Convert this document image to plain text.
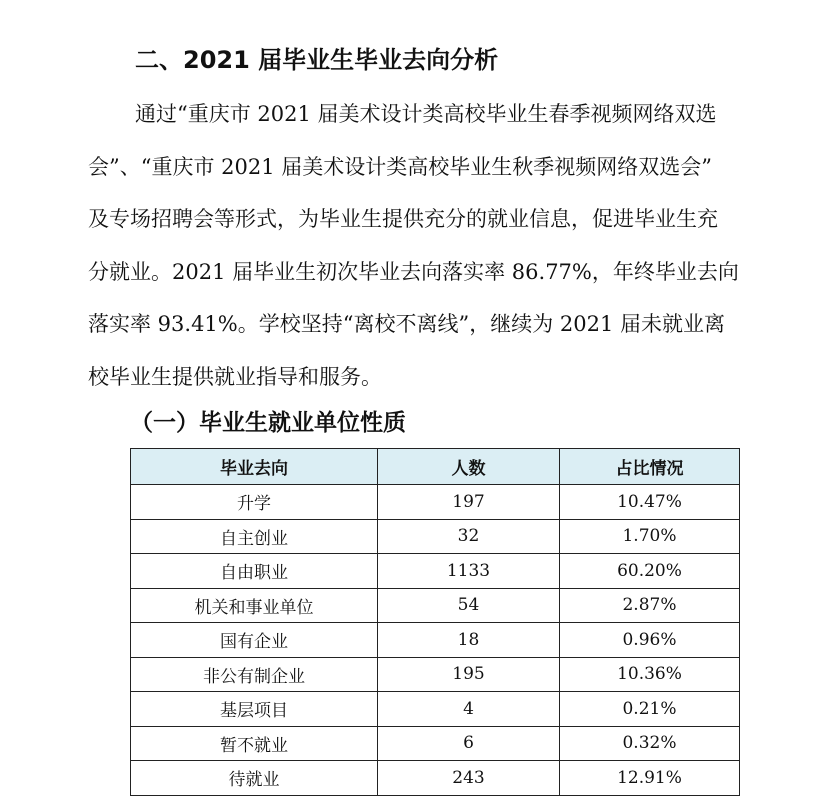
二、2021 届毕业生毕业去向分析
通过“重庆市 2021 届美术设计类高校毕业生春季视频网络双选
会”、“重庆市 2021 届美术设计类高校毕业生秋季视频网络双选会”
及专场招聘会等形式，为毕业生提供充分的就业信息，促进毕业生充
分就业。2021 届毕业生初次毕业去向落实率 86.77%，年终毕业去向
落实率 93.41%。学校坚持“离校不离线”，继续为 2021 届未就业离
校毕业生提供就业指导和服务。
（一）毕业生就业单位性质
毕业去向	人数	占比情况
升学	197	10.47%
自主创业	32	1.70%
自由职业	1133	60.20%
机关和事业单位	54	2.87%
国有企业	18	0.96%
非公有制企业	195	10.36%
基层项目	4	0.21%
暂不就业	6	0.32%
待就业	243	12.91%
